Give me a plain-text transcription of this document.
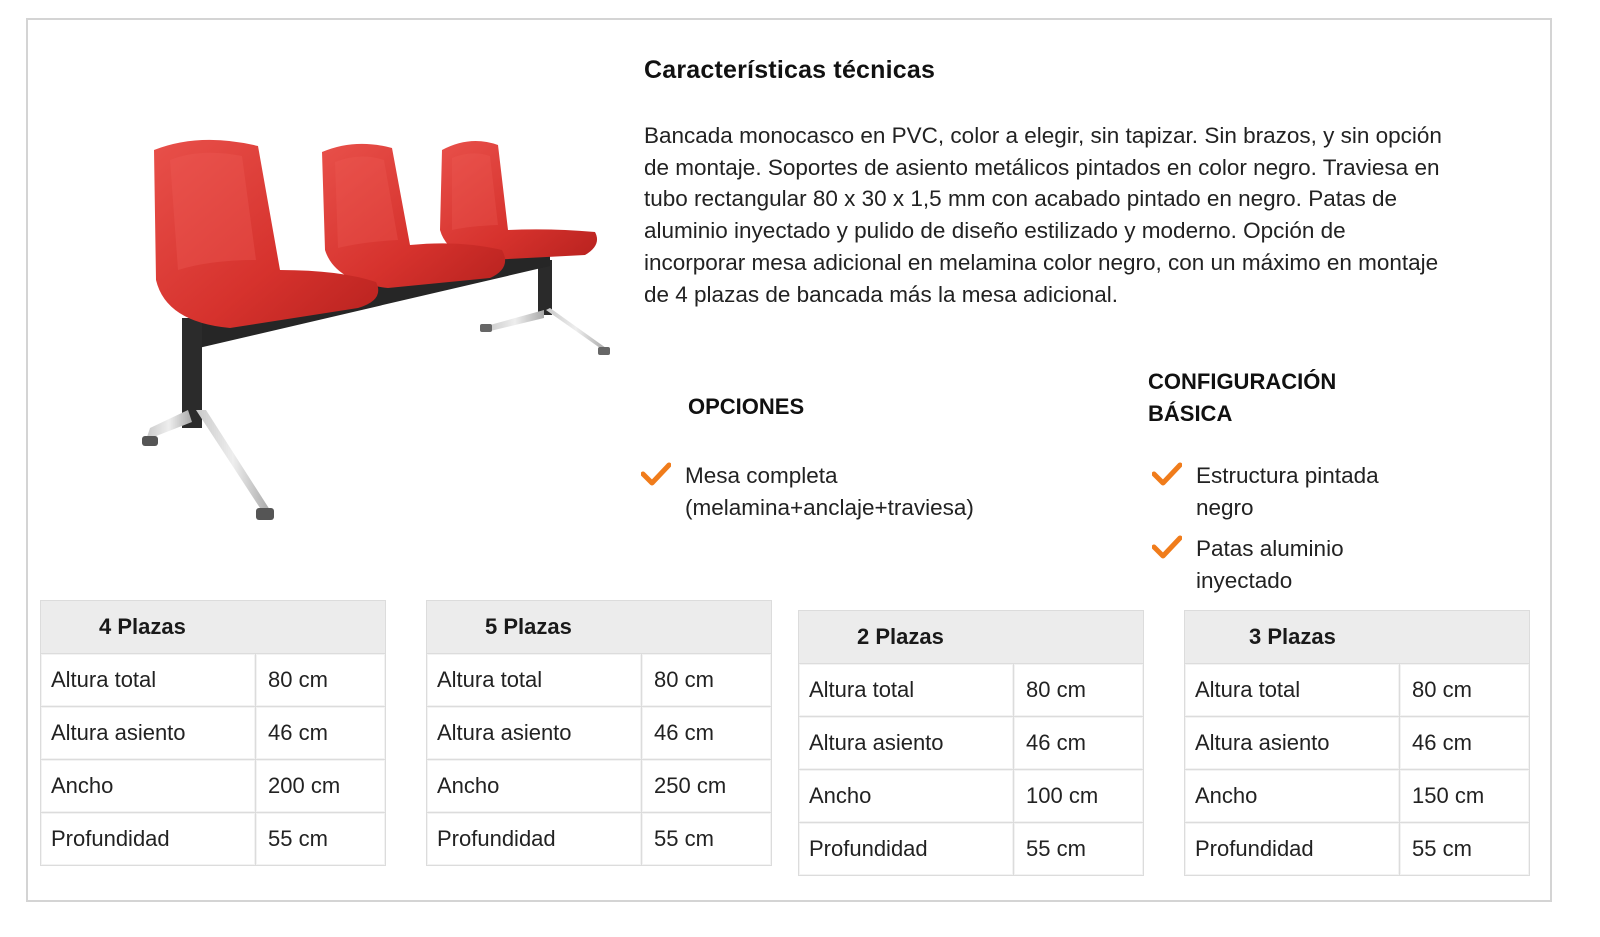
Características técnicas
Bancada monocasco en PVC, color a elegir, sin tapizar. Sin brazos, y sin opción de montaje. Soportes de asiento metálicos pintados en color negro. Traviesa en tubo rectangular 80 x 30 x 1,5 mm con acabado pintado en negro. Patas de aluminio inyectado y pulido de diseño estilizado y moderno. Opción de incorporar mesa adicional en melamina color negro, con un máximo en montaje de 4 plazas de bancada más la mesa adicional.
OPCIONES
Mesa completa (melamina+anclaje+traviesa)
CONFIGURACIÓN BÁSICA
Estructura pintada negro
Patas aluminio inyectado
4 Plazas	
Altura total	80 cm
Altura asiento	46 cm
Ancho	200 cm
Profundidad	55 cm
5 Plazas	
Altura total	80 cm
Altura asiento	46 cm
Ancho	250 cm
Profundidad	55 cm
2 Plazas	
Altura total	80 cm
Altura asiento	46 cm
Ancho	100 cm
Profundidad	55 cm
3 Plazas	
Altura total	80 cm
Altura asiento	46 cm
Ancho	150 cm
Profundidad	55 cm
